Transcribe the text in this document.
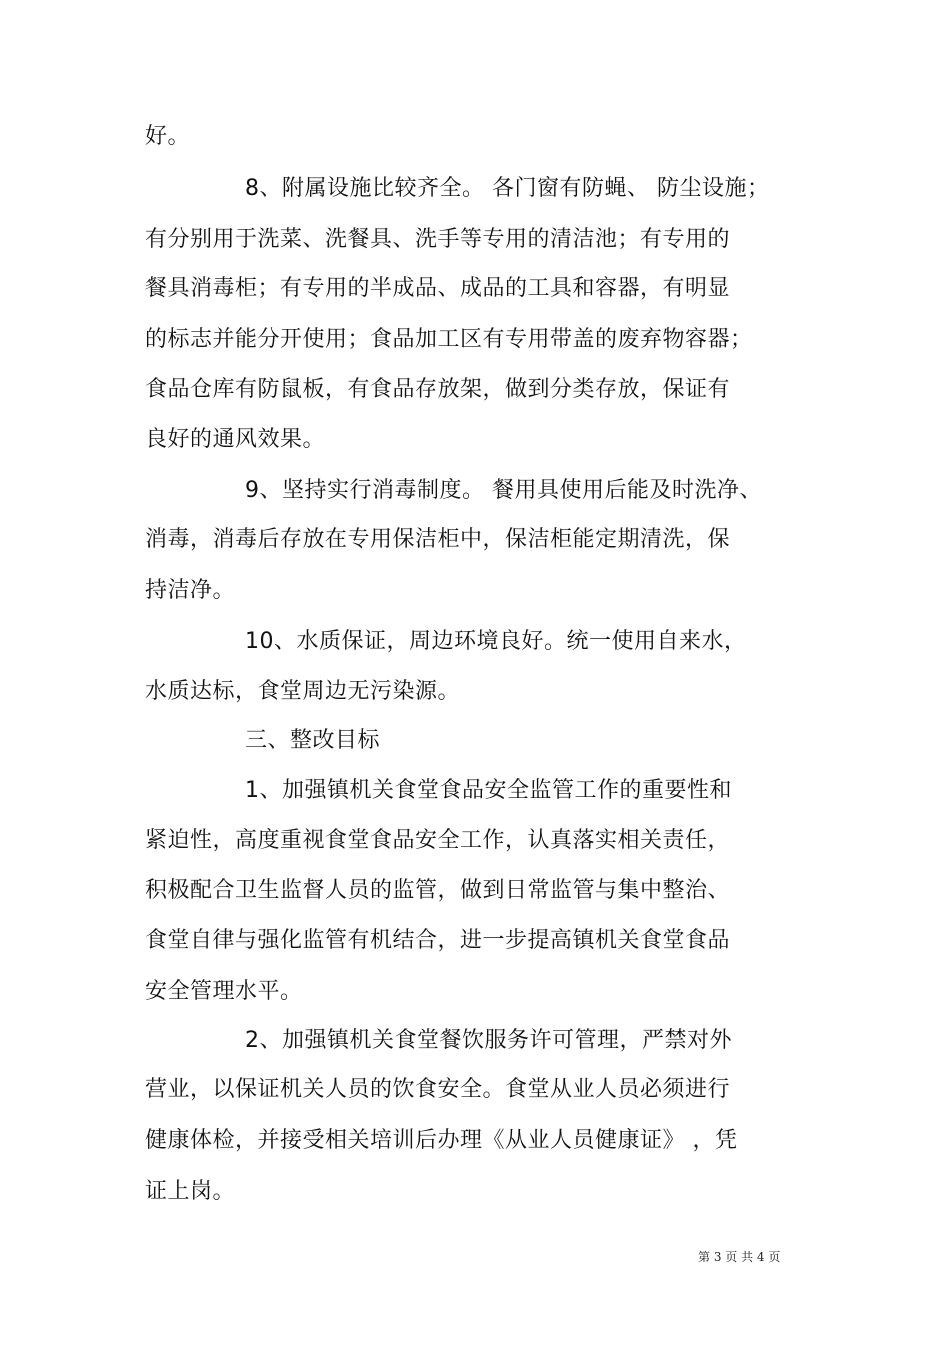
好。
8、附属设施比较齐全。 各门窗有防蝇、 防尘设施；
有分别用于洗菜、洗餐具、洗手等专用的清洁池；有专用的
餐具消毒柜；有专用的半成品、成品的工具和容器，有明显
的标志并能分开使用；食品加工区有专用带盖的废弃物容器；
食品仓库有防鼠板，有食品存放架，做到分类存放，保证有
良好的通风效果。
9、坚持实行消毒制度。 餐用具使用后能及时洗净、
消毒，消毒后存放在专用保洁柜中，保洁柜能定期清洗，保
持洁净。
10、水质保证，周边环境良好。统一使用自来水，
水质达标，食堂周边无污染源。
三、整改目标
1、加强镇机关食堂食品安全监管工作的重要性和
紧迫性，高度重视食堂食品安全工作，认真落实相关责任，
积极配合卫生监督人员的监管，做到日常监管与集中整治、
食堂自律与强化监管有机结合，进一步提高镇机关食堂食品
安全管理水平。
2、加强镇机关食堂餐饮服务许可管理，严禁对外
营业，以保证机关人员的饮食安全。食堂从业人员必须进行
健康体检，并接受相关培训后办理《从业人员健康证》 ，凭
证上岗。
第 3 页 共 4 页
